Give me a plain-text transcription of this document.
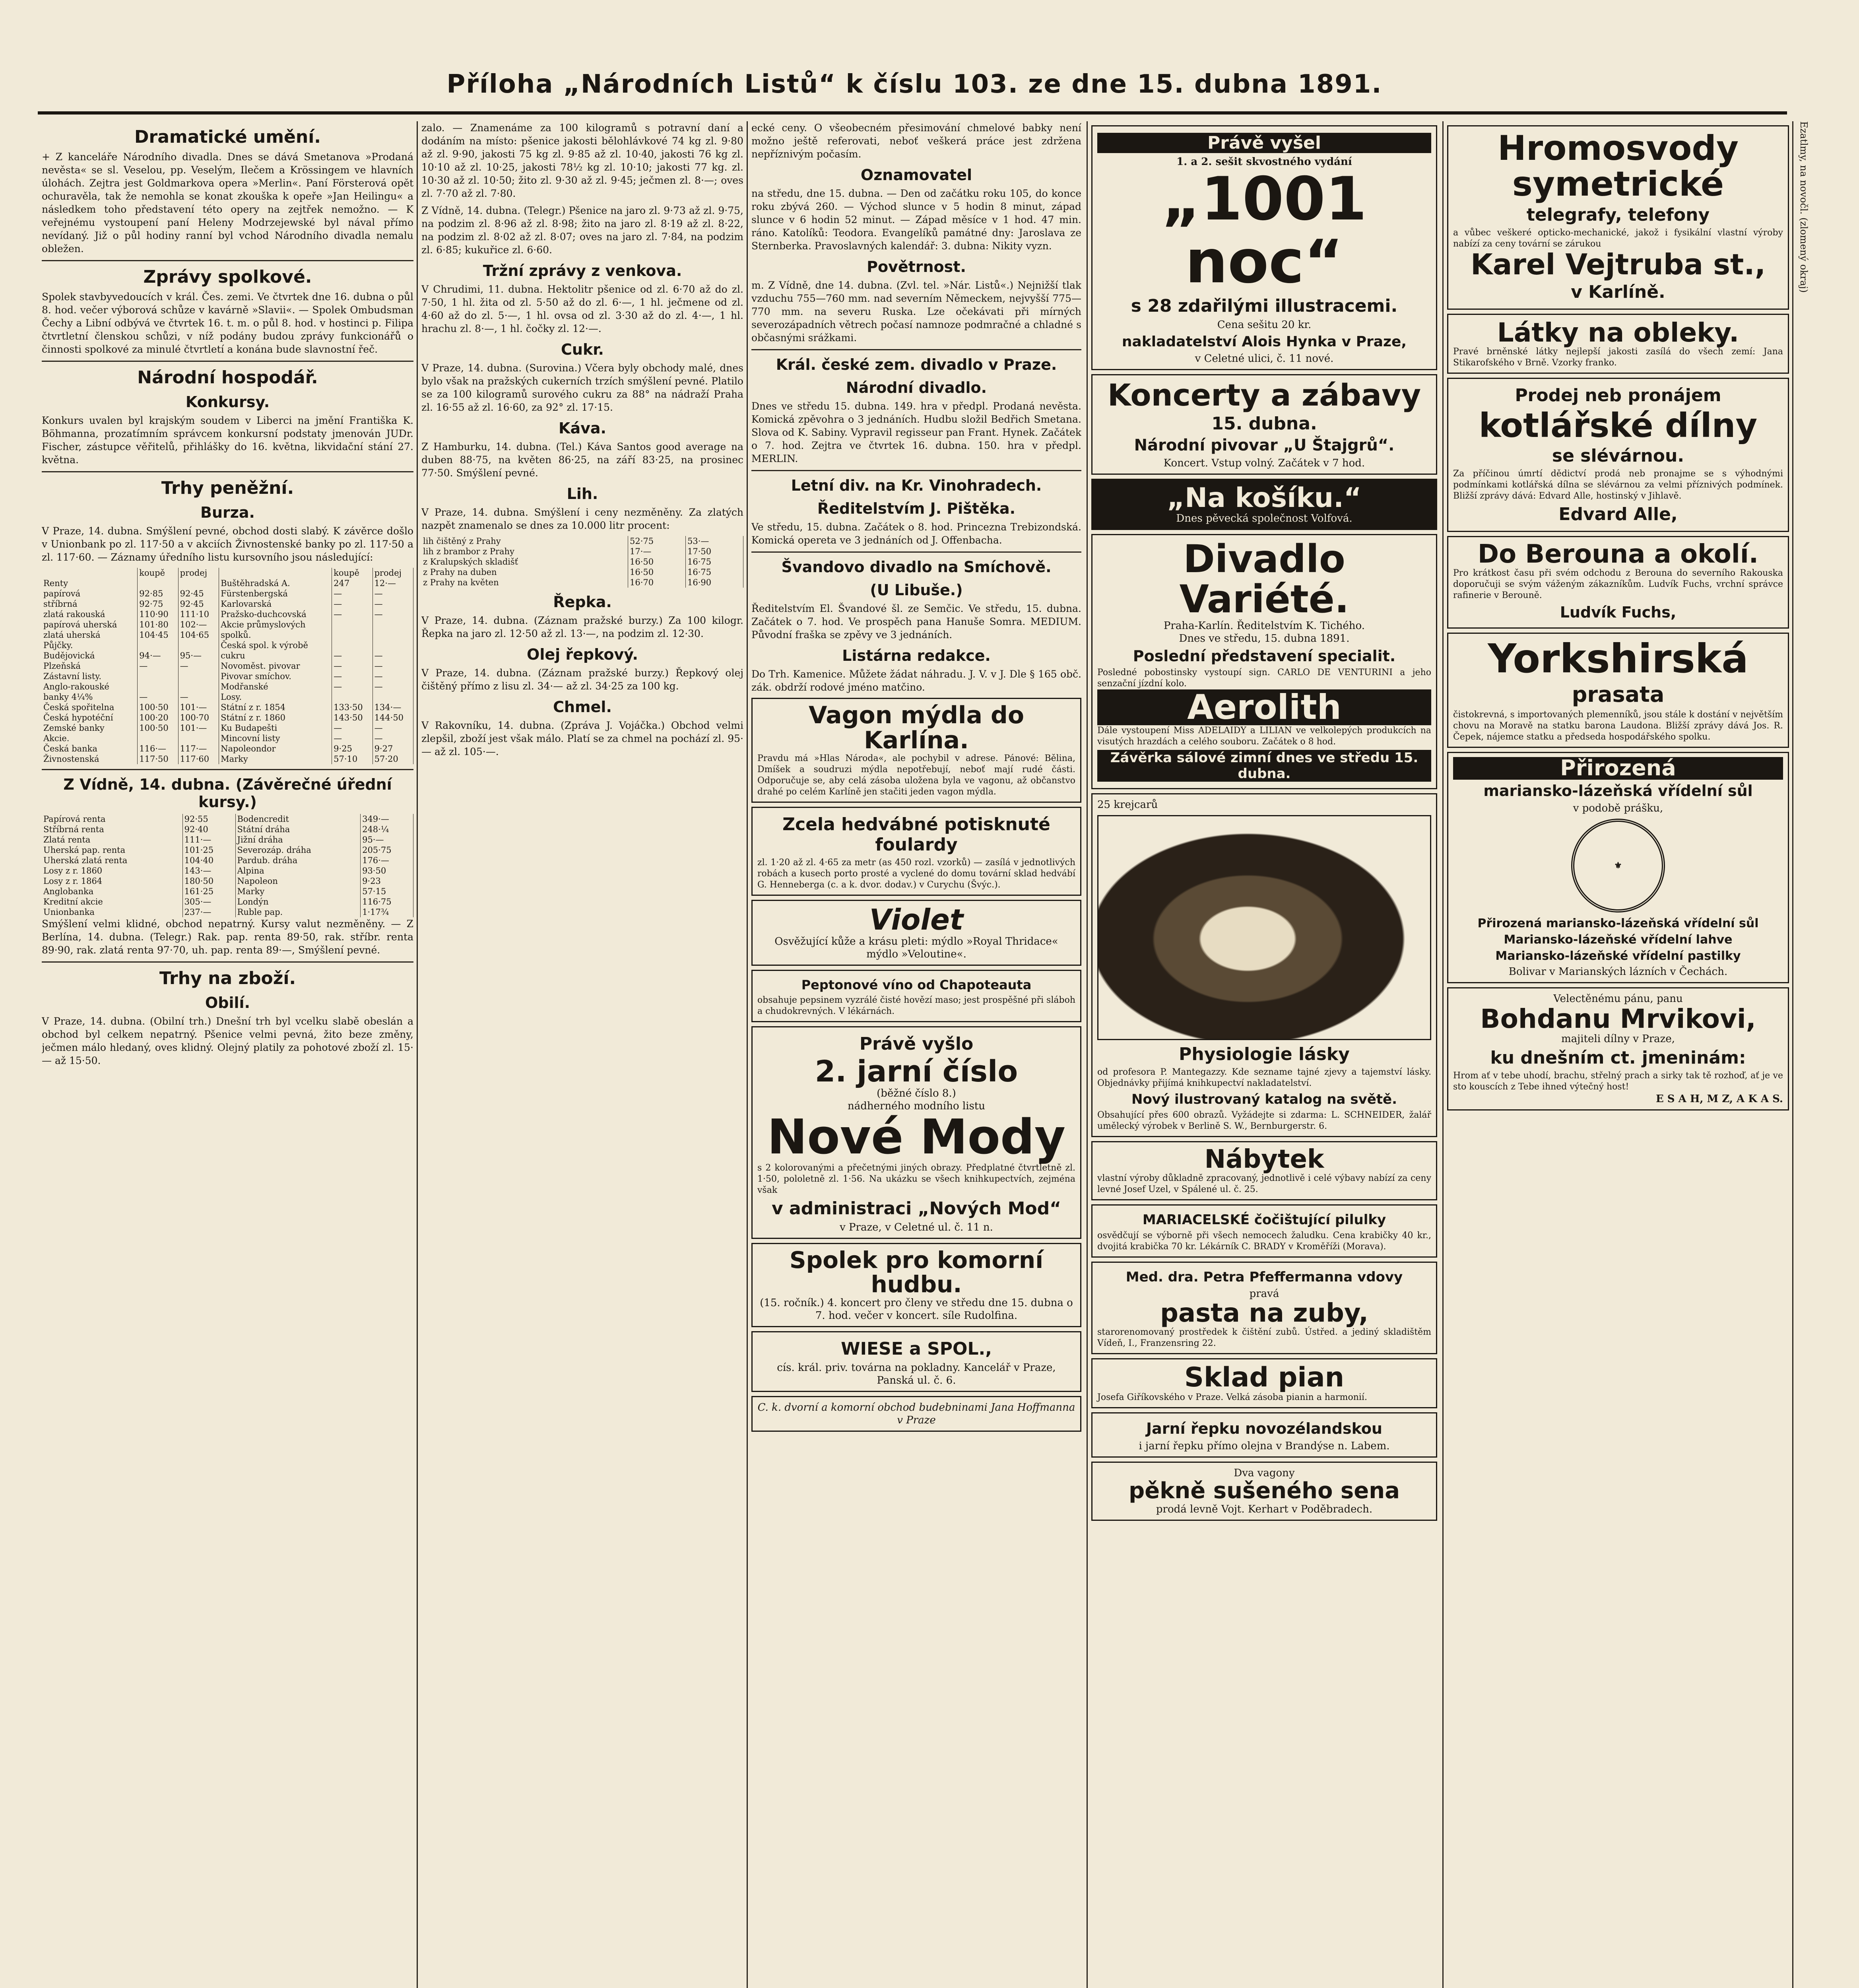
Příloha „Národních Listů“ k číslu 103. ze dne 15. dubna 1891.
Dramatické umění.

+ Z kanceláře Národního divadla. Dnes se dává Smetanova »Prodaná nevěsta« se sl. Veselou, pp. Veselým, Ilečem a Krössingem ve hlavních úlohách. Zejtra jest Goldmarkova opera »Merlin«. Paní Försterová opět ochuravěla, tak že nemohla se konat zkouška k opeře »Jan Heilingu« a následkem toho představení této opery na zejtřek nemožno. — K veřejnému vystoupení paní Heleny Modrzejewské byl nával přímo nevídaný. Již o půl hodiny ranní byl vchod Národního divadla nemalu obležen.

Zprávy spolkové.

Spolek stavbyvedoucích v král. Čes. zemi. Ve čtvrtek dne 16. dubna o půl 8. hod. večer výborová schůze v kavárně »Slavii«. — Spolek Ombudsman Čechy a Libní odbývá ve čtvrtek 16. t. m. o půl 8. hod. v hostinci p. Filipa čtvrtletní členskou schůzi, v níž podány budou zprávy funkcionářů o činnosti spolkové za minulé čtvrtletí a konána bude slavnostní řeč.

Národní hospodář.
Konkursy.

Konkurs uvalen byl krajským soudem v Liberci na jmění Františka K. Böhmanna, prozatímním správcem konkursní podstaty jmenován JUDr. Fischer, zástupce věřitelů, přihlášky do 16. května, likvidační stání 27. května.

Trhy peněžní.
Burza.

V Praze, 14. dubna. Smýšlení pevné, obchod dosti slabý. K závěrce došlo v Unionbank po zl. 117·50 a v akciích Živnostenské banky po zl. 117·50 a zl. 117·60. — Záznamy úředního listu kursovního jsou následující:

	koupě	prodej		koupě	prodej
Renty			Buštěhradská A.	247	12·—
papírová	92·85	92·45	Fürstenbergská	—	—
stříbrná	92·75	92·45	Karlovarská	—	—
zlatá rakouská	110·90	111·10	Pražsko-duchcovská	—	—
papírová uherská	101·80	102·—	Akcie průmyslových		
zlatá uherská	104·45	104·65	spolků.		
Půjčky.			Česká spol. k výrobě		
Budějovická	94·—	95·—	cukru	—	—
Plzeňská	—	—	Novoměst. pivovar	—	—
Zástavní listy.			Pivovar smíchov.	—	—
Anglo-rakouské			Modřanské	—	—
banky 4¼%	—	—	Losy.		
Česká spořitelna	100·50	101·—	Státní z r. 1854	133·50	134·—
Česká hypotéční	100·20	100·70	Státní z r. 1860	143·50	144·50
Zemské banky	100·50	101·—	Ku Budapešti	—	—
Akcie.			Mincovní listy	—	—
Česká banka	116·—	117·—	Napoleondor	9·25	9·27
Živnostenská	117·50	117·60	Marky	57·10	57·20
Z Vídně, 14. dubna. (Závěrečné úřední kursy.)
Papírová renta	92·55	Bodencredit	349·—
Stříbrná renta	92·40	Státní dráha	248·¼
Zlatá renta	111·—	Jižní dráha	95·—
Uherská pap. renta	101·25	Severozáp. dráha	205·75
Uherská zlatá renta	104·40	Pardub. dráha	176·—
Losy z r. 1860	143·—	Alpina	93·50
Losy z r. 1864	180·50	Napoleon	9·23
Anglobanka	161·25	Marky	57·15
Kreditní akcie	305·—	Londýn	116·75
Unionbanka	237·—	Ruble pap.	1·17¾

Smýšlení velmi klidné, obchod nepatrný. Kursy valut nezměněny. — Z Berlína, 14. dubna. (Telegr.) Rak. pap. renta 89·50, rak. stříbr. renta 89·90, rak. zlatá renta 97·70, uh. pap. renta 89·—, Smýšlení pevné.

Trhy na zboží.
Obilí.

V Praze, 14. dubna. (Obilní trh.) Dnešní trh byl vcelku slabě obeslán a obchod byl celkem nepatrný. Pšenice velmi pevná, žito beze změny, ječmen málo hledaný, oves klidný. Olejný platily za pohotové zboží zl. 15·— až 15·50.

zalo. — Znamenáme za 100 kilogramů s potravní daní a dodáním na místo: pšenice jakosti bělohlávkové 74 kg zl. 9·80 až zl. 9·90, jakosti 75 kg zl. 9·85 až zl. 10·40, jakosti 76 kg zl. 10·10 až zl. 10·25, jakosti 78½ kg zl. 10·10; jakosti 77 kg. zl. 10·30 až zl. 10·50; žito zl. 9·30 až zl. 9·45; ječmen zl. 8·—; oves zl. 7·70 až zl. 7·80.

Z Vídně, 14. dubna. (Telegr.) Pšenice na jaro zl. 9·73 až zl. 9·75, na podzim zl. 8·96 až zl. 8·98; žito na jaro zl. 8·19 až zl. 8·22, na podzim zl. 8·02 až zl. 8·07; oves na jaro zl. 7·84, na podzim zl. 6·85; kukuřice zl. 6·60.

Tržní zprávy z venkova.

V Chrudimi, 11. dubna. Hektolitr pšenice od zl. 6·70 až do zl. 7·50, 1 hl. žita od zl. 5·50 až do zl. 6·—, 1 hl. ječmene od zl. 4·60 až do zl. 5·—, 1 hl. ovsa od zl. 3·30 až do zl. 4·—, 1 hl. hrachu zl. 8·—, 1 hl. čočky zl. 12·—.

Cukr.

V Praze, 14. dubna. (Surovina.) Včera byly obchody malé, dnes bylo však na pražských cukerních trzích smýšlení pevné. Platilo se za 100 kilogramů surového cukru za 88° na nádraží Praha zl. 16·55 až zl. 16·60, za 92° zl. 17·15.

Káva.

Z Hamburku, 14. dubna. (Tel.) Káva Santos good average na duben 88·75, na květen 86·25, na září 83·25, na prosinec 77·50. Smýšlení pevné.

Lih.

V Praze, 14. dubna. Smýšlení i ceny nezměněny. Za zlatých nazpět znamenalo se dnes za 10.000 litr procent:

lih čištěný z Prahy	52·75	53·—
lih z brambor z Prahy	17·—	17·50
z Kralupských skladišť	16·50	16·75
z Prahy na duben	16·50	16·75
z Prahy na květen	16·70	16·90
Řepka.

V Praze, 14. dubna. (Záznam pražské burzy.) Za 100 kilogr. Řepka na jaro zl. 12·50 až zl. 13·—, na podzim zl. 12·30.

Olej řepkový.

V Praze, 14. dubna. (Záznam pražské burzy.) Řepkový olej čištěný přímo z lisu zl. 34·— až zl. 34·25 za 100 kg.

Chmel.

V Rakovníku, 14. dubna. (Zpráva J. Vojáčka.) Obchod velmi zlepšil, zboží jest však málo. Platí se za chmel na pochází zl. 95·— až zl. 105·—.

ecké ceny. O všeobecném přesimování chmelové babky není možno ještě referovati, neboť veškerá práce jest zdržena nepříznivým počasím.

Oznamovatel

na středu, dne 15. dubna. — Den od začátku roku 105, do konce roku zbývá 260. — Východ slunce v 5 hodin 8 minut, západ slunce v 6 hodin 52 minut. — Západ měsíce v 1 hod. 47 min. ráno. Katolíků: Teodora. Evangelíků památné dny: Jaroslava ze Sternberka. Pravoslavných kalendář: 3. dubna: Nikity vyzn.

Povětrnost.

m. Z Vídně, dne 14. dubna. (Zvl. tel. »Nár. Listů«.) Nejnižší tlak vzduchu 755—760 mm. nad severním Německem, nejvyšší 775—770 mm. na severu Ruska. Lze očekávati při mírných severozápadních větrech počasí namnoze podmračné a chladné s občasnými srážkami.

Král. české zem. divadlo v Praze.
Národní divadlo.

Dnes ve středu 15. dubna. 149. hra v předpl. Prodaná nevěsta. Komická zpěvohra o 3 jednáních. Hudbu složil Bedřich Smetana. Slova od K. Sabiny. Vypravil regisseur pan Frant. Hynek. Začátek o 7. hod. Zejtra ve čtvrtek 16. dubna. 150. hra v předpl. MERLIN.

Letní div. na Kr. Vinohradech.
Ředitelstvím J. Pištěka.

Ve středu, 15. dubna. Začátek o 8. hod. Princezna Trebizondská. Komická opereta ve 3 jednáních od J. Offenbacha.

Švandovo divadlo na Smíchově.
(U Libuše.)

Ředitelstvím El. Švandové šl. ze Semčic. Ve středu, 15. dubna. Začátek o 7. hod. Ve prospěch pana Hanuše Somra. MEDIUM. Původní fraška se zpěvy ve 3 jednáních.

Listárna redakce.

Do Trh. Kamenice. Můžete žádat náhradu. J. V. v J. Dle § 165 obč. zák. obdrží rodové jméno matčino.

Vagon mýdla do Karlína.
Pravdu má »Hlas Národa«, ale pochybil v adrese. Pánové: Bělina, Dmíšek a soudruzi mýdla nepotřebují, neboť mají rudé části. Odporučuje se, aby celá zásoba uložena byla ve vagonu, až občanstvo drahé po celém Karlíně jen stačiti jeden vagon mýdla.
Zcela hedvábné potisknuté foulardy
zl. 1·20 až zl. 4·65 za metr (as 450 rozl. vzorků) — zasílá v jednotlivých robách a kusech porto prosté a vyclené do domu tovární sklad hedvábí G. Henneberga (c. a k. dvor. dodav.) v Curychu (Švýc.).
Violet
Osvěžující kůže a krásu pleti: mýdlo »Royal Thridace« mýdlo »Veloutine«.
Peptonové víno od Chapoteauta
obsahuje pepsinem vyzrálé čisté hovězí maso; jest prospěšné při sláboh a chudokrevných. V lékárnách.
Právě vyšlo
2. jarní číslo
(běžné číslo 8.)
nádherného modního listu
Nové Mody
s 2 kolorovanými a přečetnými jiných obrazy. Předplatné čtvrtletně zl. 1·50, pololetně zl. 1·56. Na ukázku se všech knihkupectvích, zejména však
v administraci „Nových Mod“
v Praze, v Celetné ul. č. 11 n.
Spolek pro komorní hudbu.
(15. ročník.) 4. koncert pro členy ve středu dne 15. dubna o 7. hod. večer v koncert. síle Rudolfina.
WIESE a SPOL.,
cís. král. priv. továrna na pokladny. Kancelář v Praze, Panská ul. č. 6.
C. k. dvorní a komorní obchod budebninami Jana Hoffmanna v Praze
Právě vyšel
1. a 2. sešit skvostného vydání
„1001 noc“
s 28 zdařilými illustracemi.
Cena sešitu 20 kr.
nakladatelství Alois Hynka v Praze,
v Celetné ulici, č. 11 nové.
Koncerty a zábavy
15. dubna.
Národní pivovar „U Štajgrů“.
Koncert. Vstup volný. Začátek v 7 hod.
„Na košíku.“
Dnes pěvecká společnost Volfová.
Divadlo Variété.
Praha-Karlín. Ředitelstvím K. Tichého.
Dnes ve středu, 15. dubna 1891.
Poslední představení specialit.
Posledné pobostinsky vystoupí sign. CARLO DE VENTURINI a jeho senzační jízdní kolo.
Aerolith
Dále vystoupení Miss ADELAIDY a LILIAN ve velkolepých produkcích na visutých hrazdách a celého souboru. Začátek o 8 hod.
Závěrka sálové zimní dnes ve středu 15. dubna.
25 krejcarů
Physiologie lásky
od profesora P. Mantegazzy. Kde sezname tajné zjevy a tajemství lásky. Objednávky přijímá knihkupectví nakladatelství.
Nový ilustrovaný katalog na světě.
Obsahující přes 600 obrazů. Vyžádejte si zdarma: L. SCHNEIDER, žalář umělecký výrobek v Berlině S. W., Bernburgerstr. 6.
Nábytek
vlastní výroby důkladně zpracovaný, jednotlivě i celé výbavy nabízí za ceny levné Josef Uzel, v Spálené ul. č. 25.
MARIACELSKÉ čočištující pilulky
osvědčují se výborně při všech nemocech žaludku. Cena krabičky 40 kr., dvojitá krabička 70 kr. Lékárník C. BRADY v Kroměříži (Morava).
Med. dra. Petra Pfeffermanna vdovy
pravá
pasta na zuby,
starorenomovaný prostředek k čištění zubů. Ústřed. a jediný skladištěm Vídeň, I., Franzensring 22.
Sklad pian
Josefa Giříkovského v Praze. Velká zásoba pianin a harmonií.
Jarní řepku novozélandskou
i jarní řepku přímo olejna v Brandýse n. Labem.
Dva vagony
pěkně sušeného sena
prodá levně Vojt. Kerhart v Poděbradech.
Hromosvody symetrické
telegrafy, telefony
a vůbec veškeré opticko-mechanické, jakož i fysikální vlastní výroby nabízí za ceny tovární se zárukou
Karel Vejtruba st.,
v Karlíně.
Látky na obleky.
Pravé brněnské látky nejlepší jakosti zasílá do všech zemí: Jana Stikarofského v Brně. Vzorky franko.
Prodej neb pronájem
kotlářské dílny
se slévárnou.
Za příčinou úmrtí dědictví prodá neb pronajme se s výhodnými podmínkami kotlářská dílna se slévárnou za velmi příznivých podmínek. Bližší zprávy dává: Edvard Alle, hostinský v Jihlavě.
Edvard Alle,
Do Berouna a okolí.
Pro krátkost času při svém odchodu z Berouna do severního Rakouska doporučuji se svým váženým zákazníkům. Ludvík Fuchs, vrchní správce rafinerie v Berouně.
Ludvík Fuchs,
Yorkshirská
prasata
čistokrevná, s importovaných plemenníků, jsou stále k dostání v největším chovu na Moravě na statku barona Laudona. Bližší zprávy dává Jos. R. Čepek, nájemce statku a předseda hospodářského spolku.
Přirozená
mariansko-lázeňská vřídelní sůl
v podobě prášku,
⚜
Přirozená mariansko-lázeňská vřídelní sůl
Mariansko-lázeňské vřídelní lahve
Mariansko-lázeňské vřídelní pastilky
Bolivar v Marianských lázních v Čechách.
Velectěnému pánu, panu
Bohdanu Mrvikovi,
majiteli dílny v Praze,
ku dnešním ct. jmeninám:
Hrom ať v tebe uhodí, brachu, střelný prach a sirky tak tě rozhoď, ať je ve sto kouscích z Tebe ihned výtečný host!
E S A H, M Z, A K A S.
Ezatlmy, na novočl. (zlomený okraj)
